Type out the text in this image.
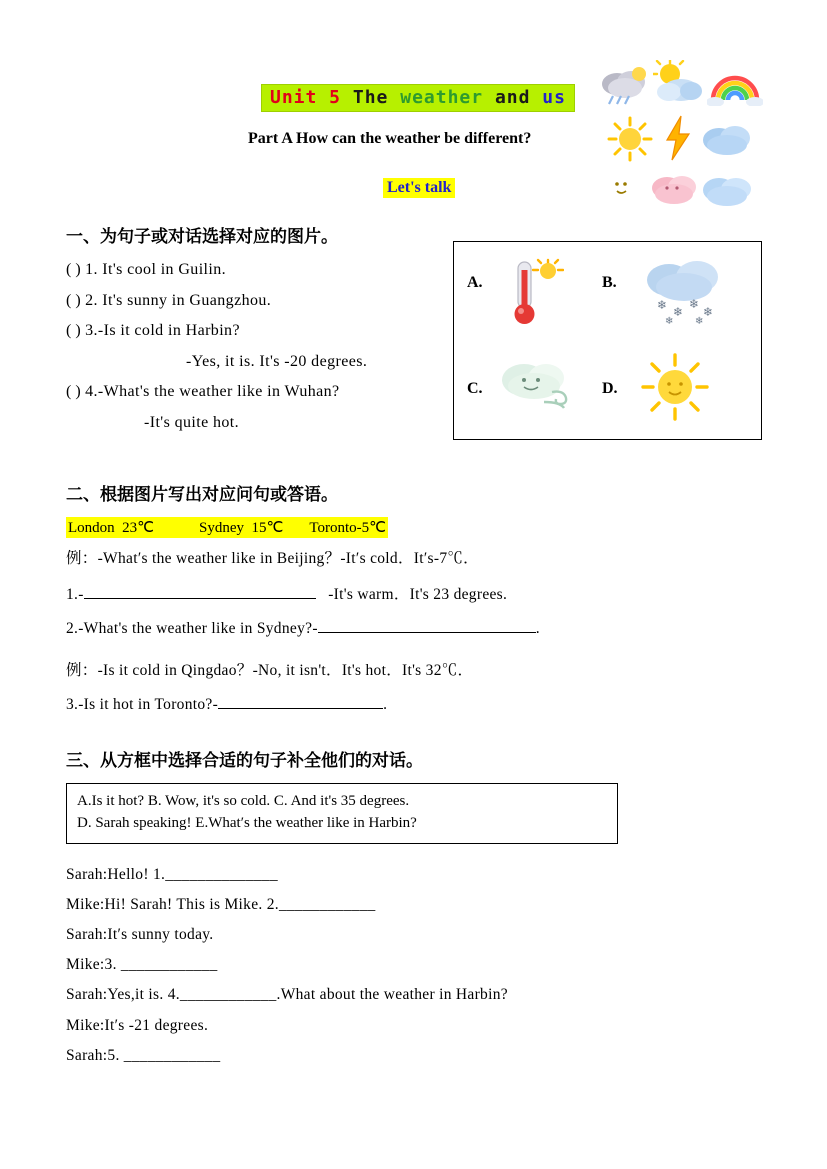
Unit 5 The weather and us
Part A How can the weather be different?
Let's talk
一、为句子或对话选择对应的图片。
( ) 1. It's cool in Guilin.
( ) 2. It's sunny in Guangzhou.
( ) 3.-Is it cold in Harbin?
-Yes, it is. It's -20 degrees.
( ) 4.-What's the weather like in Wuhan?
-It's quite hot.
A.	B.
C.	D.
❄ ❄
❄
❄
❄ ❄
二、根据图片写出对应问句或答语。
London  23℃            Sydney  15℃       Toronto-5℃
例：-What′s the weather like in Beijing？-It′s cold．It′s-7℃．
1.-	-It's warm．It's 23 degrees.
2.-What's the weather like in Sydney?-	.
例：-Is it cold in Qingdao？-No, it isn't．It's hot．It's 32℃．
3.-Is it hot in Toronto?-	.
三、从方框中选择合适的句子补全他们的对话。
A.Is it hot? B. Wow, it's so cold. C. And it's 35 degrees.
D. Sarah speaking! E.What′s the weather like in Harbin?
Sarah:Hello! 1.______________
Mike:Hi! Sarah! This is Mike. 2.____________
Sarah:It′s sunny today.
Mike:3. ____________
Sarah:Yes,it is. 4.____________.What about the weather in Harbin?
Mike:It′s -21 degrees.
Sarah:5. ____________
